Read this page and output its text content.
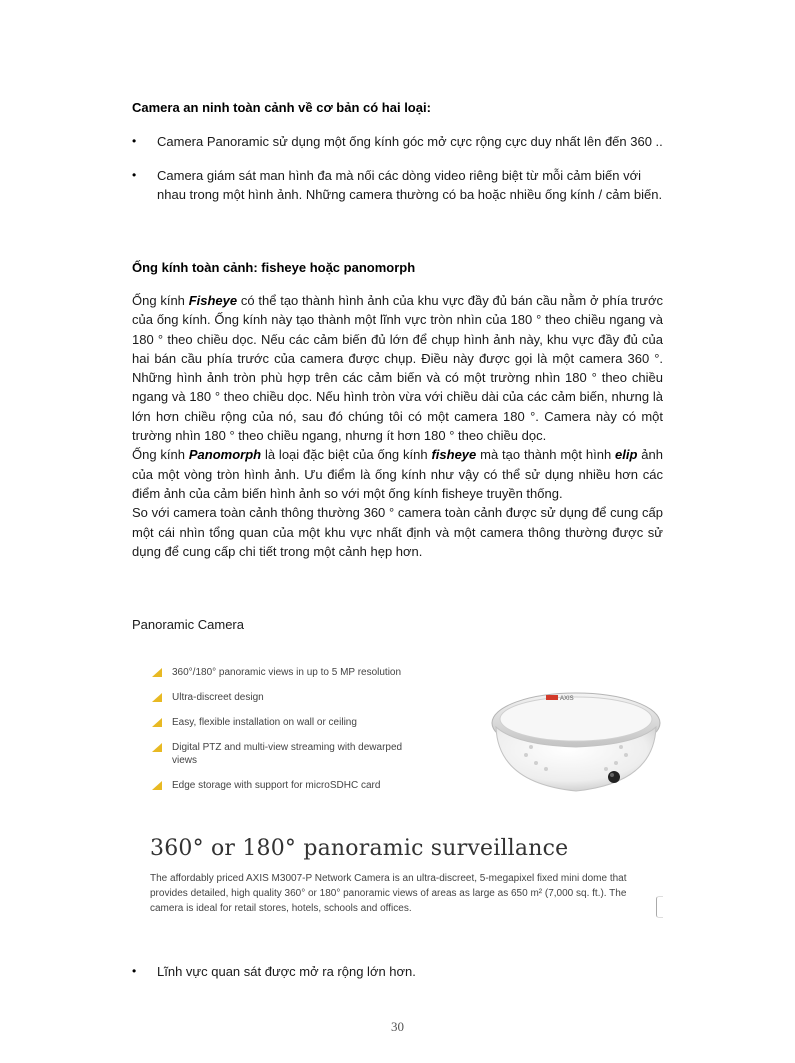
Camera an ninh toàn cảnh về cơ bản có hai loại:
• Camera Panoramic sử dụng một ống kính góc mở cực rộng cực duy nhất lên đến 360 ..
• Camera giám sát man hình đa mà nối các dòng video riêng biệt từ mỗi cảm biến với nhau trong một hình ảnh. Những camera thường có ba hoặc nhiều ống kính / cảm biến.
Ống kính toàn cảnh: fisheye hoặc panomorph

Ống kính Fisheye có thể tạo thành hình ảnh của khu vực đầy đủ bán cầu nằm ở phía trước của ống kính. Ống kính này tạo thành một lĩnh vực tròn nhìn của 180 ° theo chiều ngang và 180 ° theo chiều dọc. Nếu các cảm biến đủ lớn để chụp hình ảnh này, khu vực đầy đủ của hai bán cầu phía trước của camera được chụp. Điều này được gọi là một camera 360 °. Những hình ảnh tròn phù hợp trên các cảm biến và có một trường nhìn 180 ° theo chiều ngang và 180 ° theo chiều dọc. Nếu hình tròn vừa với chiều dài của các cảm biến, nhưng là lớn hơn chiều rộng của nó, sau đó chúng tôi có một camera 180 °. Camera này có một trường nhìn 180 ° theo chiều ngang, nhưng ít hơn 180 ° theo chiều dọc.
Ống kính Panomorph là loại đặc biệt của ống kính fisheye mà tạo thành một hình elip ảnh của một vòng tròn hình ảnh. Ưu điểm là ống kính như vậy có thể sử dụng nhiều hơn các điểm ảnh của cảm biến hình ảnh so với một ống kính fisheye truyền thống.
So với camera toàn cảnh thông thường 360 ° camera toàn cảnh được sử dụng để cung cấp một cái nhìn tổng quan của một khu vực nhất định và một camera thông thường được sử dụng để cung cấp chi tiết trong một cảnh hẹp hơn.

Panoramic Camera
360°/180° panoramic views in up to 5 MP resolution
Ultra-discreet design
Easy, flexible installation on wall or ceiling
Digital PTZ and multi-view streaming with dewarped views
Edge storage with support for microSDHC card
AXIS
360° or 180° panoramic surveillance
The affordably priced AXIS M3007-P Network Camera is an ultra-discreet, 5-megapixel fixed mini dome that provides detailed, high quality 360° or 180° panoramic views of areas as large as 650 m² (7,000 sq. ft.). The camera is ideal for retail stores, hotels, schools and offices.
• Lĩnh vực quan sát được mở ra rộng lớn hơn.
30
